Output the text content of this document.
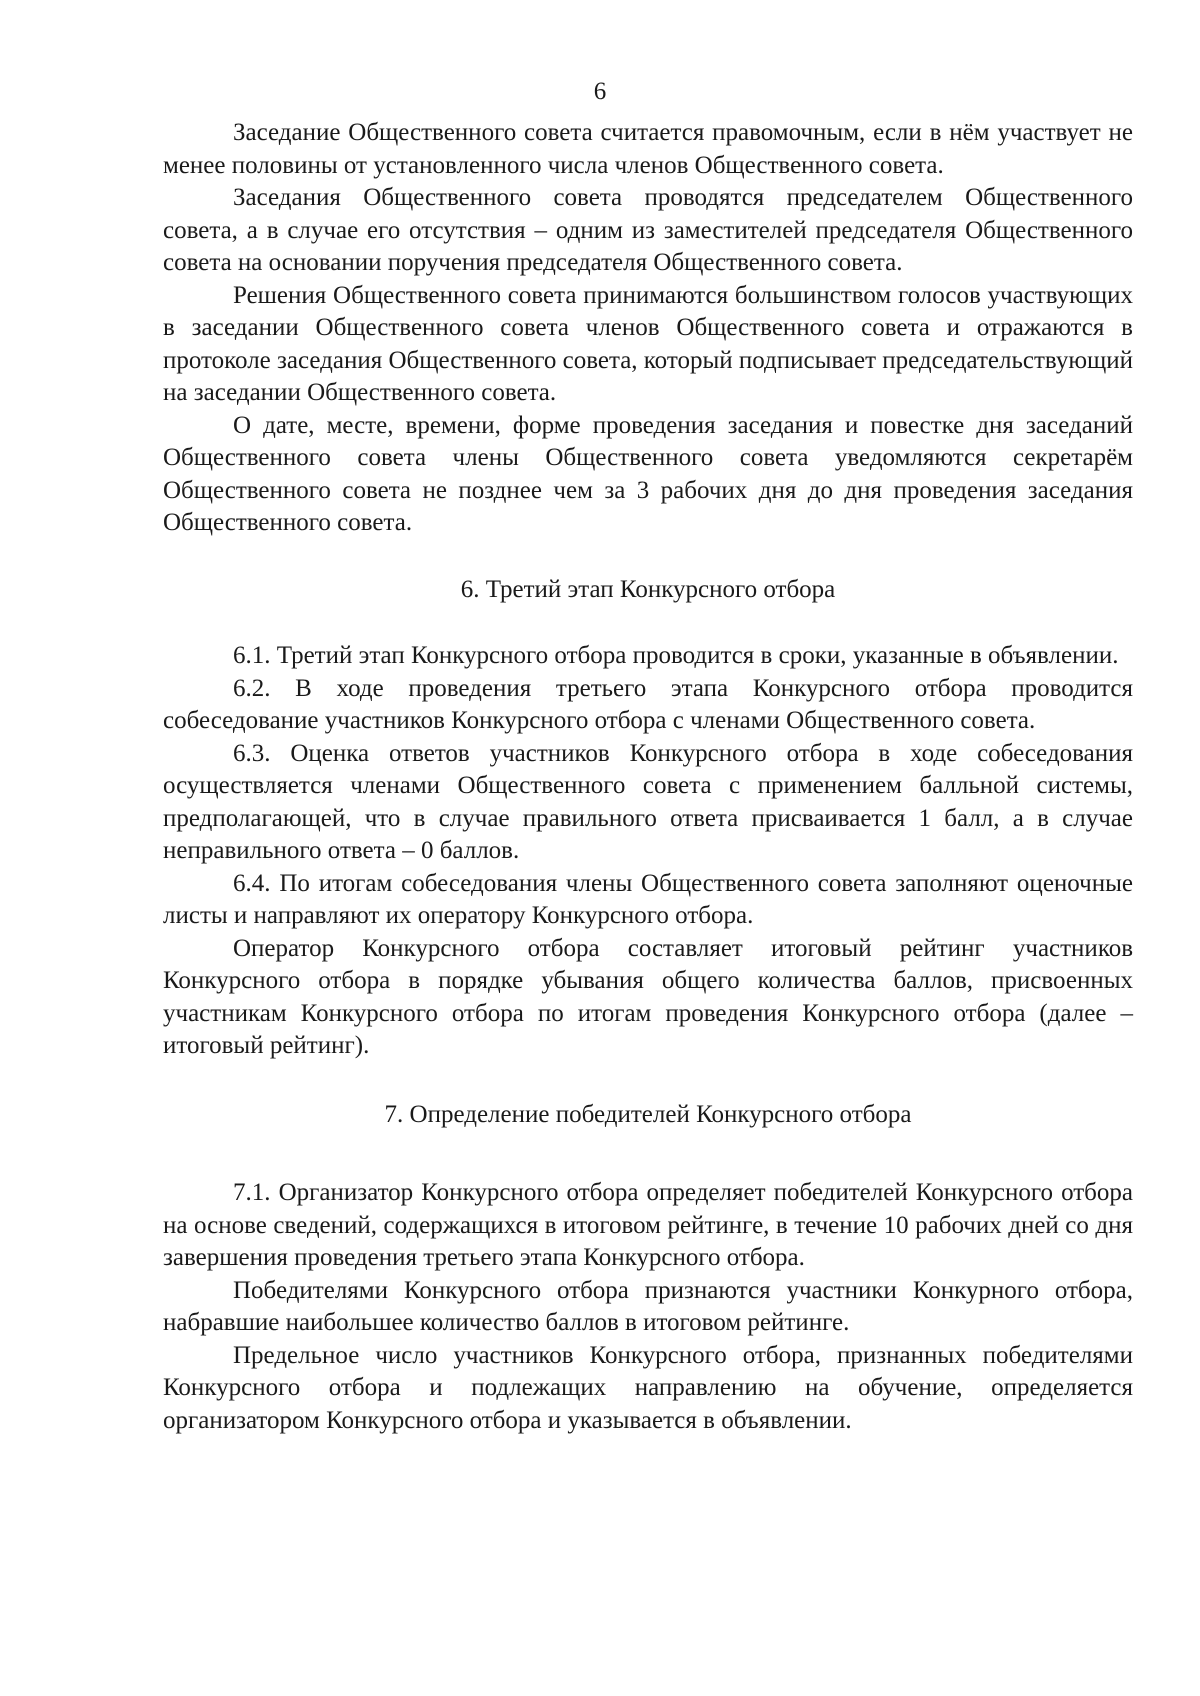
6

Заседание Общественного совета считается правомочным, если в нём участвует не менее половины от установленного числа членов Общественного совета.

Заседания Общественного совета проводятся председателем Общественного совета, а в случае его отсутствия – одним из заместителей председателя Общественного совета на основании поручения председателя Общественного совета.

Решения Общественного совета принимаются большинством голосов участвующих в заседании Общественного совета членов Общественного совета и отражаются в протоколе заседания Общественного совета, который подписывает председательствующий на заседании Общественного совета.

О дате, месте, времени, форме проведения заседания и повестке дня заседаний Общественного совета члены Общественного совета уведомляются секретарём Общественного совета не позднее чем за 3 рабочих дня до дня проведения заседания Общественного совета.

6. Третий этап Конкурсного отбора

6.1. Третий этап Конкурсного отбора проводится в сроки, указанные в объявлении.

6.2. В ходе проведения третьего этапа Конкурсного отбора проводится собеседование участников Конкурсного отбора с членами Общественного совета.

6.3. Оценка ответов участников Конкурсного отбора в ходе собеседования осуществляется членами Общественного совета с применением балльной системы, предполагающей, что в случае правильного ответа присваивается 1 балл, а в случае неправильного ответа – 0 баллов.

6.4. По итогам собеседования члены Общественного совета заполняют оценочные листы и направляют их оператору Конкурсного отбора.

Оператор Конкурсного отбора составляет итоговый рейтинг участников Конкурсного отбора в порядке убывания общего количества баллов, присвоенных участникам Конкурсного отбора по итогам проведения Конкурсного отбора (далее – итоговый рейтинг).

7. Определение победителей Конкурсного отбора

7.1. Организатор Конкурсного отбора определяет победителей Конкурсного отбора на основе сведений, содержащихся в итоговом рейтинге, в течение 10 рабочих дней со дня завершения проведения третьего этапа Конкурсного отбора.

Победителями Конкурсного отбора признаются участники Конкурного отбора, набравшие наибольшее количество баллов в итоговом рейтинге.

Предельное число участников Конкурсного отбора, признанных победителями Конкурсного отбора и подлежащих направлению на обучение, определяется организатором Конкурсного отбора и указывается в объявлении.
